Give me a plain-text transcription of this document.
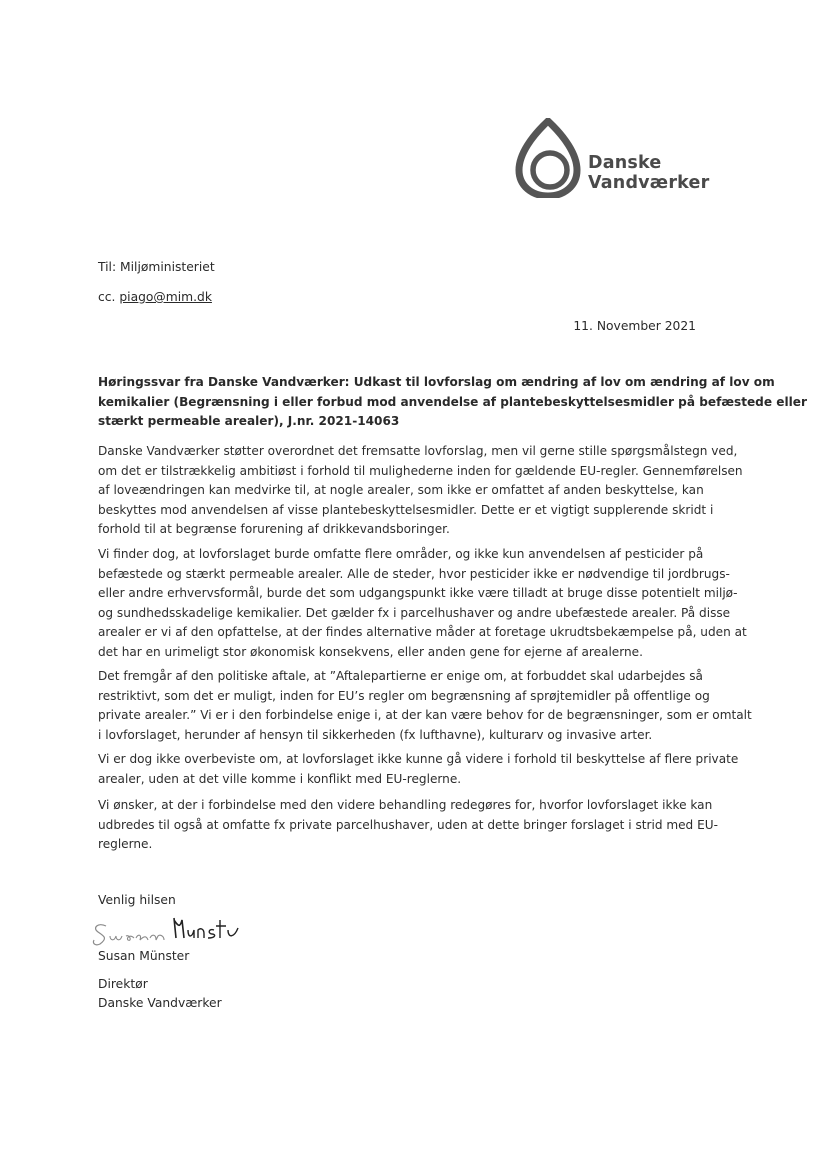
Danske
Vandværker
Til: Miljøministeriet
cc. piago@mim.dk
11. November 2021
Høringssvar fra Danske Vandværker: Udkast til lovforslag om ændring af lov om ændring af lov om
kemikalier (Begrænsning i eller forbud mod anvendelse af plantebeskyttelsesmidler på befæstede eller
stærkt permeable arealer), J.nr. 2021-14063
Danske Vandværker støtter overordnet det fremsatte lovforslag, men vil gerne stille spørgsmålstegn ved,
om det er tilstrækkelig ambitiøst i forhold til mulighederne inden for gældende EU-regler. Gennemførelsen
af loveændringen kan medvirke til, at nogle arealer, som ikke er omfattet af anden beskyttelse, kan
beskyttes mod anvendelsen af visse plantebeskyttelsesmidler. Dette er et vigtigt supplerende skridt i
forhold til at begrænse forurening af drikkevandsboringer.
Vi finder dog, at lovforslaget burde omfatte flere områder, og ikke kun anvendelsen af pesticider på
befæstede og stærkt permeable arealer. Alle de steder, hvor pesticider ikke er nødvendige til jordbrugs-
eller andre erhvervsformål, burde det som udgangspunkt ikke være tilladt at bruge disse potentielt miljø-
og sundhedsskadelige kemikalier. Det gælder fx i parcelhushaver og andre ubefæstede arealer. På disse
arealer er vi af den opfattelse, at der findes alternative måder at foretage ukrudtsbekæmpelse på, uden at
det har en urimeligt stor økonomisk konsekvens, eller anden gene for ejerne af arealerne.
Det fremgår af den politiske aftale, at ”Aftalepartierne er enige om, at forbuddet skal udarbejdes så
restriktivt, som det er muligt, inden for EU’s regler om begrænsning af sprøjtemidler på offentlige og
private arealer.” Vi er i den forbindelse enige i, at der kan være behov for de begrænsninger, som er omtalt
i lovforslaget, herunder af hensyn til sikkerheden (fx lufthavne), kulturarv og invasive arter.
Vi er dog ikke overbeviste om, at lovforslaget ikke kunne gå videre i forhold til beskyttelse af flere private
arealer, uden at det ville komme i konflikt med EU-reglerne.
Vi ønsker, at der i forbindelse med den videre behandling redegøres for, hvorfor lovforslaget ikke kan
udbredes til også at omfatte fx private parcelhushaver, uden at dette bringer forslaget i strid med EU-
reglerne.
Venlig hilsen
Susan Münster
Direktør
Danske Vandværker
